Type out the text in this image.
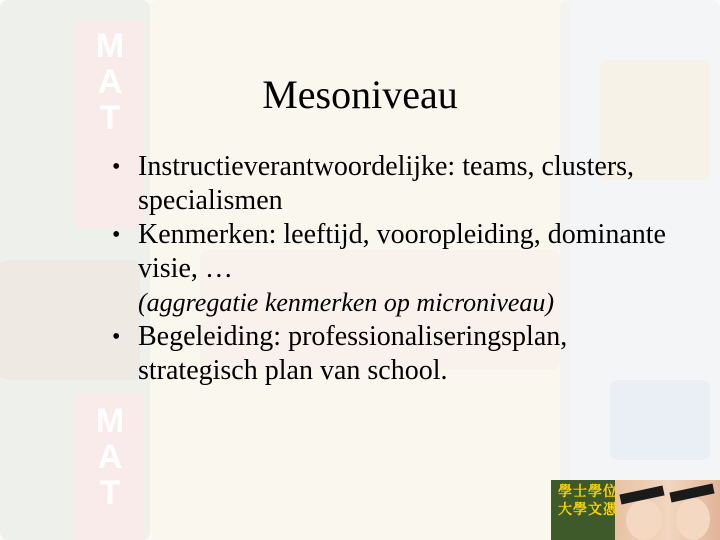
Mesoniveau
• Instructieverantwoordelijke: teams, clusters, specialismen
• Kenmerken: leeftijd, vooropleiding, dominante visie, …
(aggregatie kenmerken op microniveau)
• Begeleiding: professionaliseringsplan, strategisch plan van school.
學士學位
大學文憑
